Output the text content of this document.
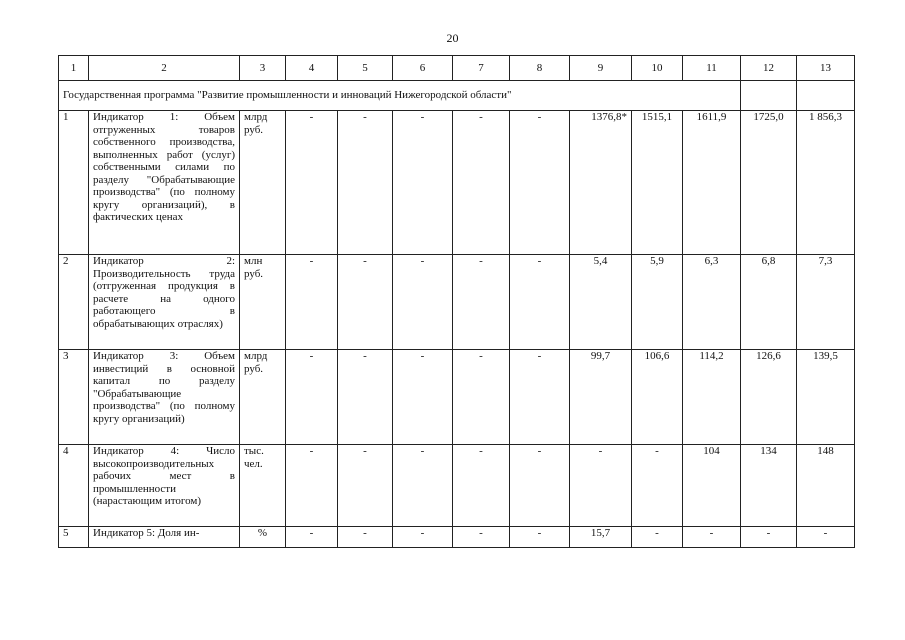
20
1	2	3	4	5	6	7	8	9	10	11	12	13
Государственная программа "Развитие промышленности и инноваций Нижегородской области"												
1	Индикатор 1: Объем отгруженных товаров собственного производства, выполненных работ (услуг) собственными силами по разделу "Обрабатывающие производства" (по полному кругу организаций), в фактических ценах	млрд руб.	-	-	-	-	-	1376,8*	1515,1	1611,9	1725,0	1 856,3
2	Индикатор 2: Производительность труда (отгруженная продукция в расчете на одного работающего в обрабатывающих отраслях)	млн руб.	-	-	-	-	-	5,4	5,9	6,3	6,8	7,3
3	Индикатор 3: Объем инвестиций в основной капитал по разделу "Обрабатывающие производства" (по полному кругу организаций)	млрд руб.	-	-	-	-	-	99,7	106,6	114,2	126,6	139,5
4	Индикатор 4: Число высокопроизводительных рабочих мест в промышленности (нарастающим итогом)	тыс. чел.	-	-	-	-	-	-	-	104	134	148
5	Индикатор 5: Доля ин-	%	-	-	-	-	-	15,7	-	-	-	-
